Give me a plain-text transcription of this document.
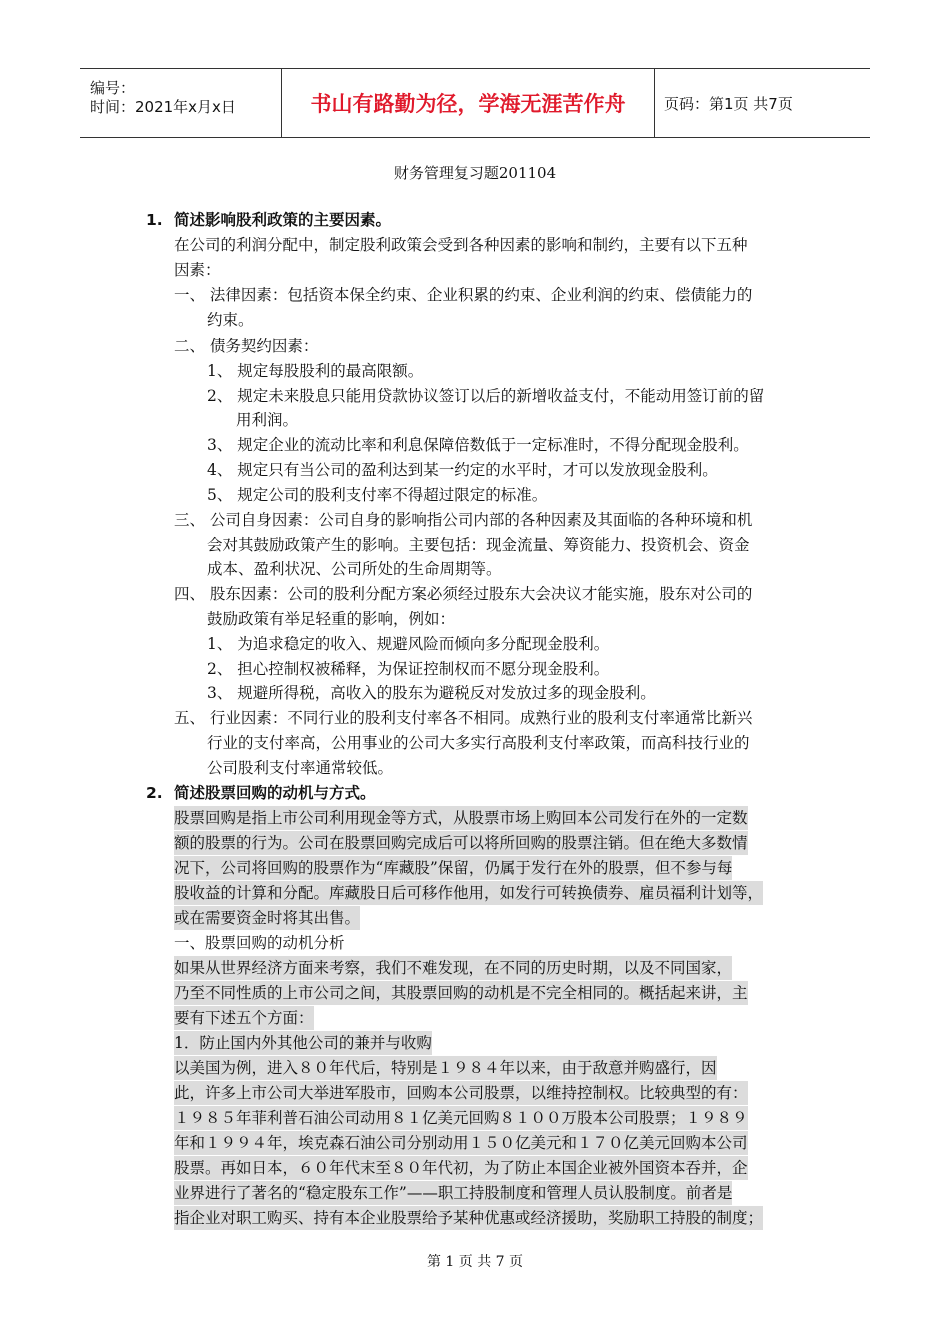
编号：
时间：2021年x月x日	书山有路勤为径，学海无涯苦作舟	页码：第1页 共7页
财务管理复习题201104
1. 简述影响股利政策的主要因素。
在公司的利润分配中，制定股利政策会受到各种因素的影响和制约，主要有以下五种
因素：
一、 法律因素：包括资本保全约束、企业积累的约束、企业利润的约束、偿债能力的
约束。
二、 债务契约因素：
1、 规定每股股利的最高限额。
2、 规定未来股息只能用贷款协议签订以后的新增收益支付，不能动用签订前的留
用利润。
3、 规定企业的流动比率和利息保障倍数低于一定标准时，不得分配现金股利。
4、 规定只有当公司的盈利达到某一约定的水平时，才可以发放现金股利。
5、 规定公司的股利支付率不得超过限定的标准。
三、 公司自身因素：公司自身的影响指公司内部的各种因素及其面临的各种环境和机
会对其鼓励政策产生的影响。主要包括：现金流量、筹资能力、投资机会、资金
成本、盈利状况、公司所处的生命周期等。
四、 股东因素：公司的股利分配方案必须经过股东大会决议才能实施，股东对公司的
鼓励政策有举足轻重的影响，例如：
1、 为追求稳定的收入、规避风险而倾向多分配现金股利。
2、 担心控制权被稀释，为保证控制权而不愿分现金股利。
3、 规避所得税，高收入的股东为避税反对发放过多的现金股利。
五、 行业因素：不同行业的股利支付率各不相同。成熟行业的股利支付率通常比新兴
行业的支付率高，公用事业的公司大多实行高股利支付率政策，而高科技行业的
公司股利支付率通常较低。
2. 简述股票回购的动机与方式。
股票回购是指上市公司利用现金等方式，从股票市场上购回本公司发行在外的一定数
额的股票的行为。公司在股票回购完成后可以将所回购的股票注销。但在绝大多数情
况下，公司将回购的股票作为“库藏股”保留，仍属于发行在外的股票，但不参与每
股收益的计算和分配。库藏股日后可移作他用，如发行可转换债券、雇员福利计划等，
或在需要资金时将其出售。
一、股票回购的动机分析
如果从世界经济方面来考察，我们不难发现，在不同的历史时期，以及不同国家，
乃至不同性质的上市公司之间，其股票回购的动机是不完全相同的。概括起来讲，主
要有下述五个方面：
1．防止国内外其他公司的兼并与收购
以美国为例，进入８０年代后，特别是１９８４年以来，由于敌意并购盛行，因
此，许多上市公司大举进军股市，回购本公司股票，以维持控制权。比较典型的有：
１９８５年菲利普石油公司动用８１亿美元回购８１００万股本公司股票；１９８９
年和１９９４年，埃克森石油公司分别动用１５０亿美元和１７０亿美元回购本公司
股票。再如日本，６０年代末至８０年代初，为了防止本国企业被外国资本吞并，企
业界进行了著名的“稳定股东工作”——职工持股制度和管理人员认股制度。前者是
指企业对职工购买、持有本企业股票给予某种优惠或经济援助，奖励职工持股的制度；
第 1 页 共 7 页
